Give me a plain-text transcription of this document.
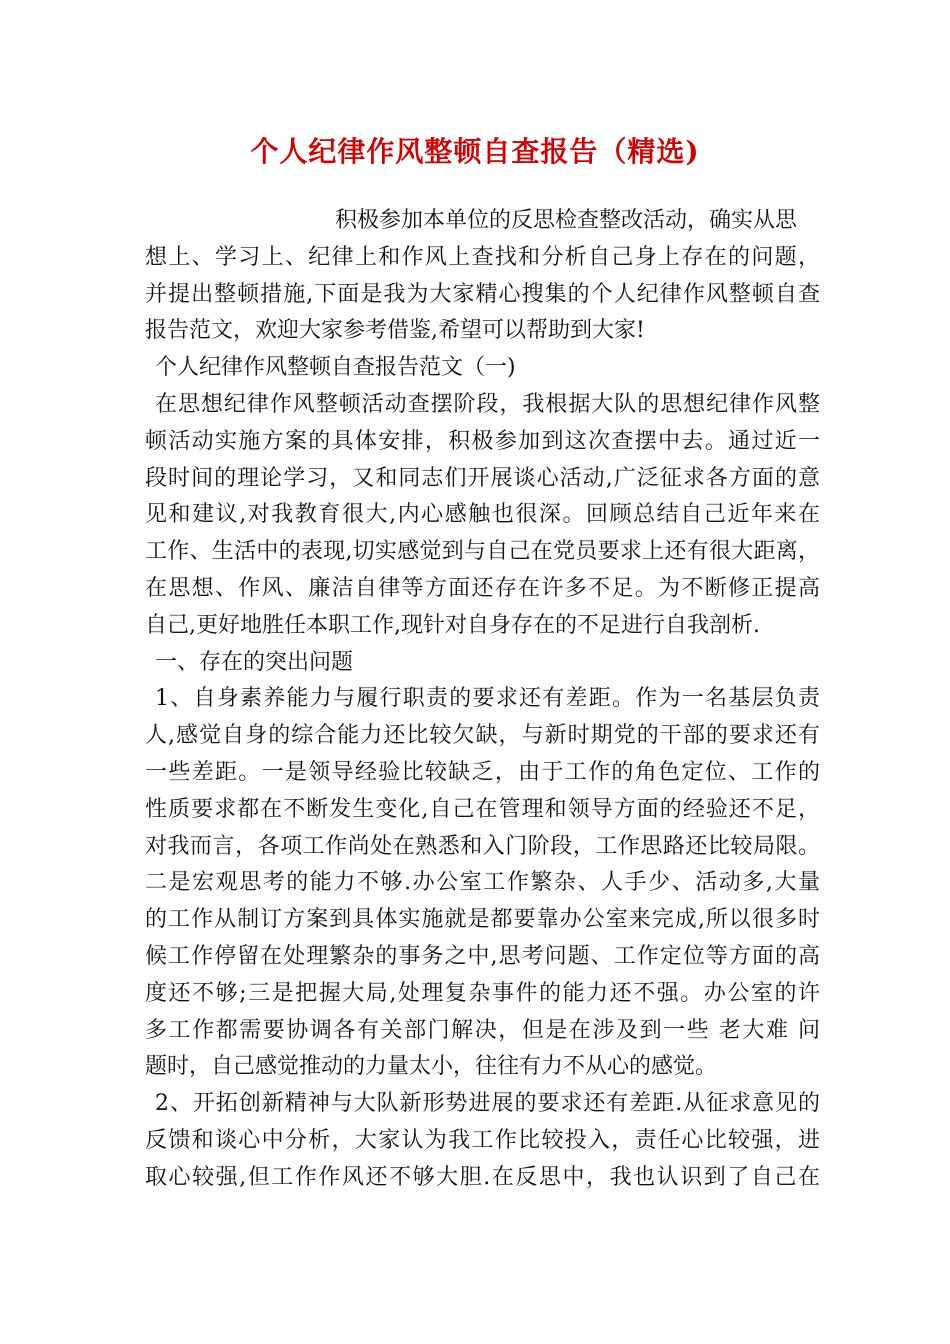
个人纪律作风整顿自查报告（精选)
积极参加本单位的反思检查整改活动，确实从思
想上、学习上、纪律上和作风上查找和分析自己身上存在的问题，
并提出整顿措施,下面是我为大家精心搜集的个人纪律作风整顿自查
报告范文，欢迎大家参考借鉴,希望可以帮助到大家!
个人纪律作风整顿自查报告范文（一)
在思想纪律作风整顿活动查摆阶段，我根据大队的思想纪律作风整
顿活动实施方案的具体安排，积极参加到这次查摆中去。通过近一
段时间的理论学习，又和同志们开展谈心活动,广泛征求各方面的意
见和建议,对我教育很大,内心感触也很深。回顾总结自己近年来在
工作、生活中的表现,切实感觉到与自己在党员要求上还有很大距离，
在思想、作风、廉洁自律等方面还存在许多不足。为不断修正提高
自己,更好地胜任本职工作,现针对自身存在的不足进行自我剖析.
一、存在的突出问题
1、自身素养能力与履行职责的要求还有差距。作为一名基层负责
人,感觉自身的综合能力还比较欠缺，与新时期党的干部的要求还有
一些差距。一是领导经验比较缺乏，由于工作的角色定位、工作的
性质要求都在不断发生变化,自己在管理和领导方面的经验还不足，
对我而言，各项工作尚处在熟悉和入门阶段，工作思路还比较局限。
二是宏观思考的能力不够.办公室工作繁杂、人手少、活动多,大量
的工作从制订方案到具体实施就是都要靠办公室来完成,所以很多时
候工作停留在处理繁杂的事务之中,思考问题、工作定位等方面的高
度还不够;三是把握大局,处理复杂事件的能力还不强。办公室的许
多工作都需要协调各有关部门解决，但是在涉及到一些 老大难 问
题时，自己感觉推动的力量太小，往往有力不从心的感觉。
2、开拓创新精神与大队新形势进展的要求还有差距.从征求意见的
反馈和谈心中分析，大家认为我工作比较投入，责任心比较强，进
取心较强,但工作作风还不够大胆.在反思中，我也认识到了自己在
